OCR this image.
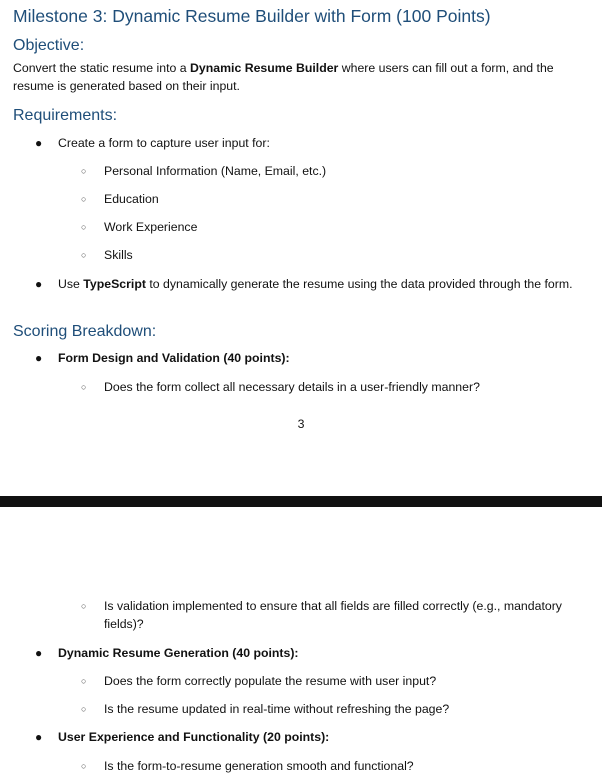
Milestone 3: Dynamic Resume Builder with Form (100 Points)
Objective:
Convert the static resume into a Dynamic Resume Builder where users can fill out a form, and the resume is generated based on their input.
Requirements:
● Create a form to capture user input for:
○ Personal Information (Name, Email, etc.)
○ Education
○ Work Experience
○ Skills
● Use TypeScript to dynamically generate the resume using the data provided through the form.
Scoring Breakdown:
● Form Design and Validation (40 points):
○ Does the form collect all necessary details in a user-friendly manner?
3
○ Is validation implemented to ensure that all fields are filled correctly (e.g., mandatory fields)?
● Dynamic Resume Generation (40 points):
○ Does the form correctly populate the resume with user input?
○ Is the resume updated in real-time without refreshing the page?
● User Experience and Functionality (20 points):
○ Is the form-to-resume generation smooth and functional?
